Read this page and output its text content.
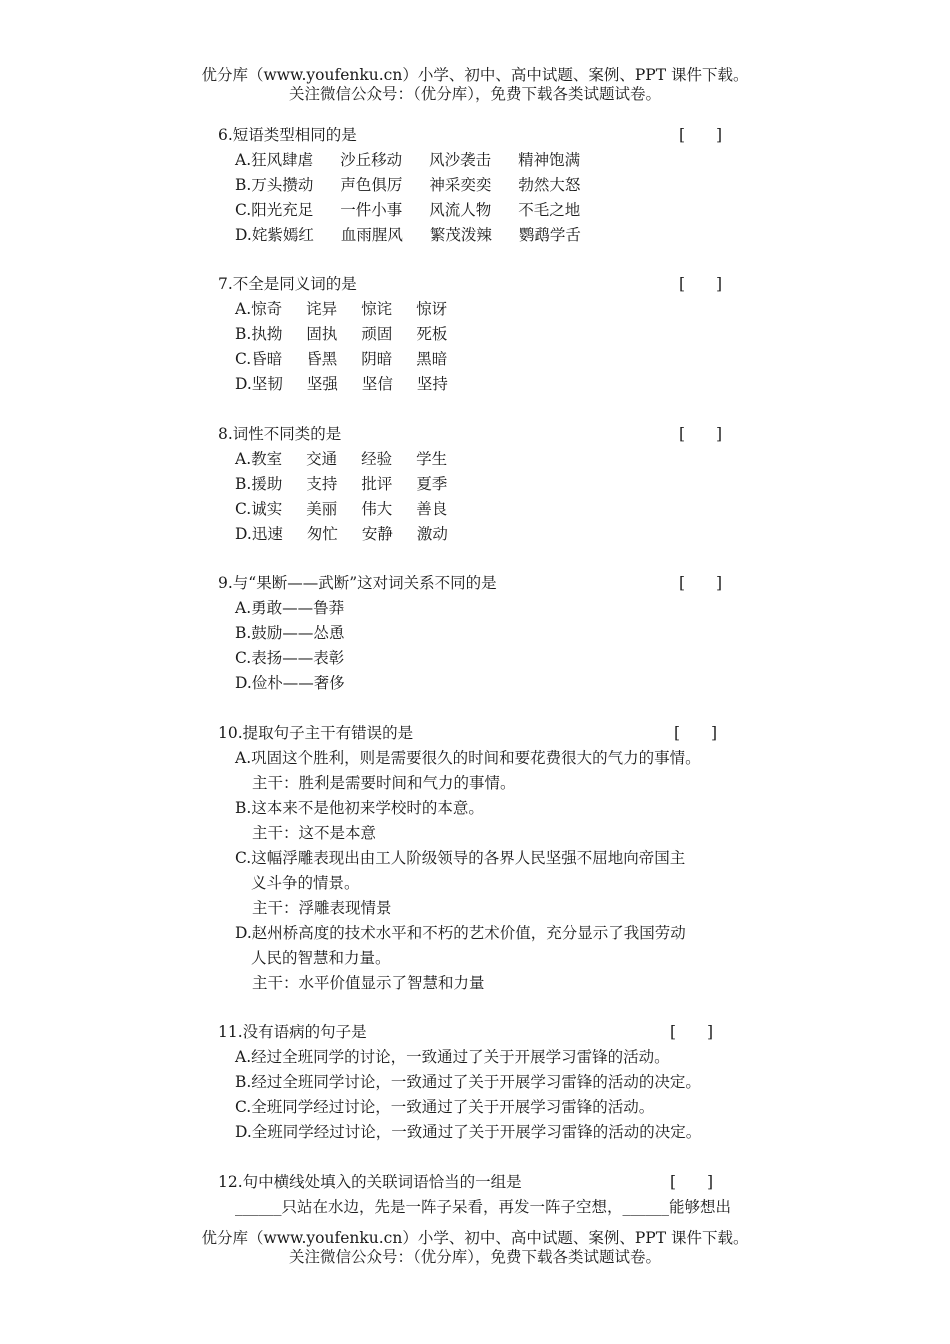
优分库（www.youfenku.cn）小学、初中、高中试题、案例、PPT 课件下载。
关注微信公众号：（优分库），免费下载各类试题试卷。
6.短语类型相同的是	[　　]
A.狂风肆虐 沙丘移动 风沙袭击 精神饱满
B.万头攒动 声色俱厉 神采奕奕 勃然大怒
C.阳光充足 一件小事 风流人物 不毛之地
D.姹紫嫣红 血雨腥风 繁茂泼辣 鹦鹉学舌
7.不全是同义词的是	[　　]
A.惊奇 诧异 惊诧 惊讶
B.执拗 固执 顽固 死板
C.昏暗 昏黑 阴暗 黑暗
D.坚韧 坚强 坚信 坚持
8.词性不同类的是	[　　]
A.教室 交通 经验 学生
B.援助 支持 批评 夏季
C.诚实 美丽 伟大 善良
D.迅速 匆忙 安静 激动
9.与“果断——武断”这对词关系不同的是	[　　]
A.勇敢——鲁莽
B.鼓励——怂恿
C.表扬——表彰
D.俭朴——奢侈
10.提取句子主干有错误的是	[　　]
A.巩固这个胜利，则是需要很久的时间和要花费很大的气力的事情。
主干：胜利是需要时间和气力的事情。
B.这本来不是他初来学校时的本意。
主干：这不是本意
C.这幅浮雕表现出由工人阶级领导的各界人民坚强不屈地向帝国主
义斗争的情景。
主干：浮雕表现情景
D.赵州桥高度的技术水平和不朽的艺术价值，充分显示了我国劳动
人民的智慧和力量。
主干：水平价值显示了智慧和力量
11.没有语病的句子是	[　　]
A.经过全班同学的讨论，一致通过了关于开展学习雷锋的活动。
B.经过全班同学讨论，一致通过了关于开展学习雷锋的活动的决定。
C.全班同学经过讨论，一致通过了关于开展学习雷锋的活动。
D.全班同学经过讨论，一致通过了关于开展学习雷锋的活动的决定。
12.句中横线处填入的关联词语恰当的一组是	[　　]
______只站在水边，先是一阵子呆看，再发一阵子空想，______能够想出
优分库（www.youfenku.cn）小学、初中、高中试题、案例、PPT 课件下载。
关注微信公众号：（优分库），免费下载各类试题试卷。
